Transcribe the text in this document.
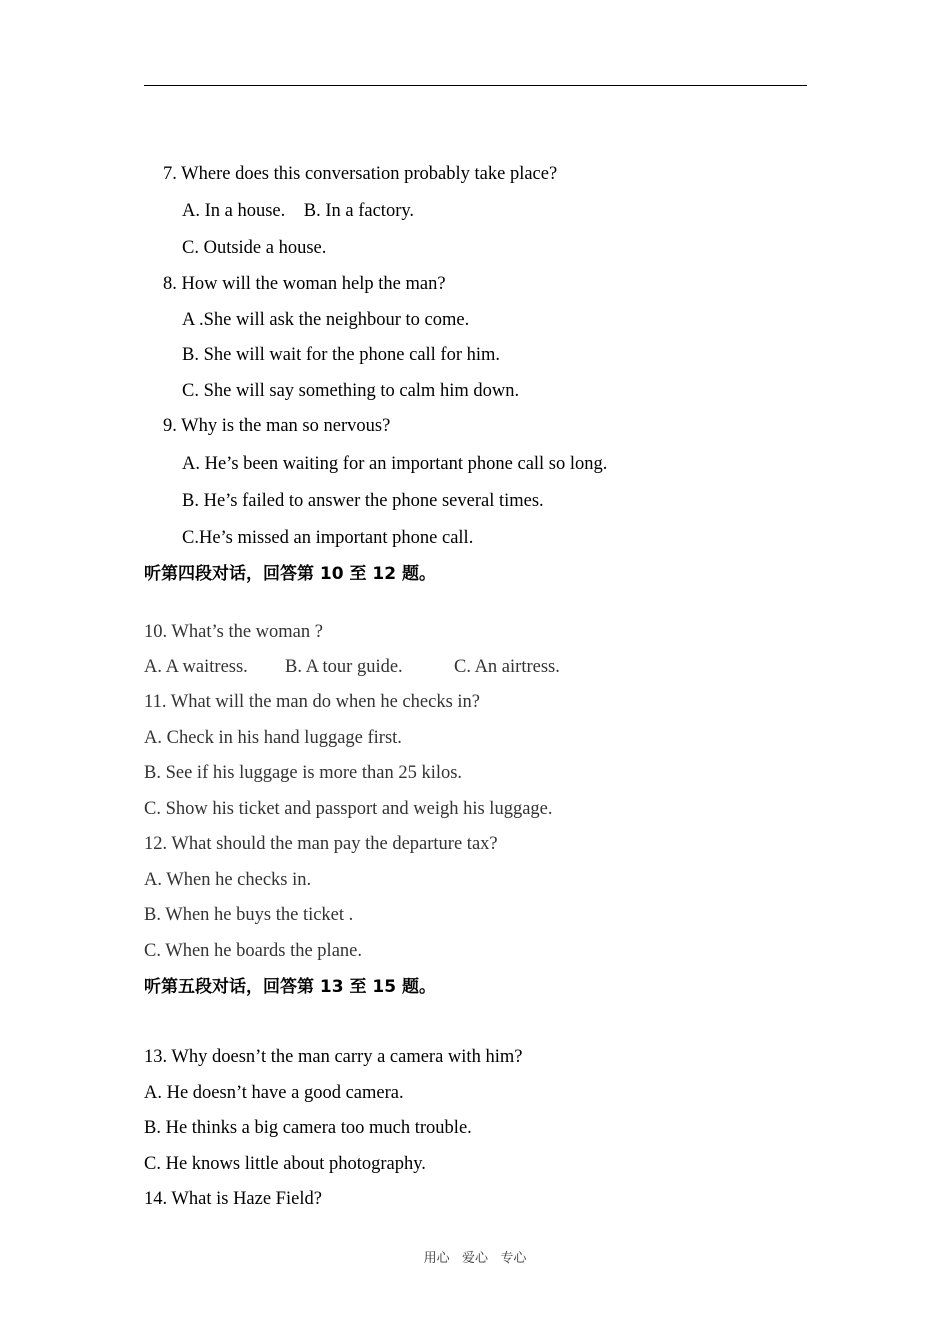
7. Where does this conversation probably take place?
A. In a house.    B. In a factory.
C. Outside a house.
8. How will the woman help the man?
A .She will ask the neighbour to come.
B. She will wait for the phone call for him.
C. She will say something to calm him down.
9. Why is the man so nervous?
A. He’s been waiting for an important phone call so long.
B. He’s failed to answer the phone several times.
C.He’s missed an important phone call.
听第四段对话，回答第 10 至 12 题。
10. What’s the woman ?
A. A waitress. B. A tour guide.	C. An airtress.
11. What will the man do when he checks in?
A. Check in his hand luggage first.
B. See if his luggage is more than 25 kilos.
C. Show his ticket and passport and weigh his luggage.
12. What should the man pay the departure tax?
A. When he checks in.
B. When he buys the ticket .
C. When he boards the plane.
听第五段对话，回答第 13 至 15 题。
13. Why doesn’t the man carry a camera with him?
A. He doesn’t have a good camera.
B. He thinks a big camera too much trouble.
C. He knows little about photography.
14. What is Haze Field?
用心   爱心   专心
